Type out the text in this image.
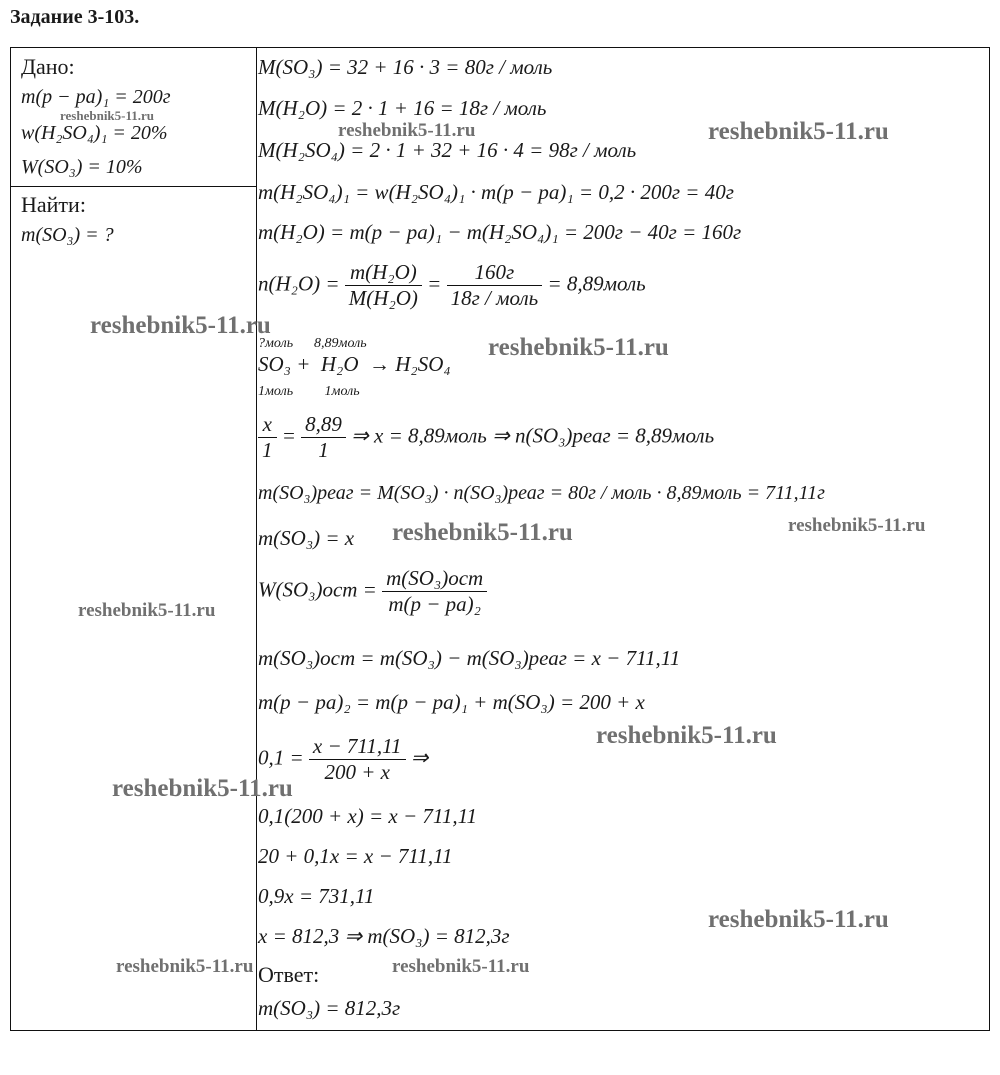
Задание 3-103.
Дано:
m(p − pa)₁ = 200г
w(H₂SO₄)₁ = 20%
W(SO₃) = 10%
Найти:
m(SO₃) = ?
M(SO₃) = 32 + 16 · 3 = 80г / моль
M(H₂O) = 2 · 1 + 16 = 18г / моль
M(H₂SO₄) = 2 · 1 + 32 + 16 · 4 = 98г / моль
m(H₂SO₄)₁ = w(H₂SO₄)₁ · m(p − pa)₁ = 0,2 · 200г = 40г
m(H₂O) = m(p − pa)₁ − m(H₂SO₄)₁ = 200г − 40г = 160г
$n(H_2O) = \frac{\text{m(H₂O)}}{\text{M(H₂O)}} = \frac{160г}{\text{18г / моль}}$ = 8,89моль
?моль      8,89моль
SO₃ +  H₂O  → H₂SO₄
1моль         1моль
$\frac{x}{1} = \frac{8,89}{1}$ ⇒ x = 8,89моль ⇒ n(SO₃)реаг = 8,89моль
m(SO₃)реаг = M(SO₃) · n(SO₃)реаг = 80г / моль · 8,89моль = 711,11г
m(SO₃) = x
$W(SO_3)ост = \frac{\text{m(SO₃)ост}}{\text{m(p − pa)₂}}$
m(SO₃)ост = m(SO₃) − m(SO₃)реаг = x − 711,11
m(p − pa)₂ = m(p − pa)₁ + m(SO₃) = 200 + x
$0,1 = \frac{x - 711,11}{200 + x}$ ⇒
0,1(200 + x) = x − 711,11
20 + 0,1x = x − 711,11
0,9x = 731,11
x = 812,3 ⇒ m(SO₃) = 812,3г
Ответ:
m(SO₃) = 812,3г
reshebnik5-11.ru
reshebnik5-11.ru	reshebnik5-11.ru
reshebnik5-11.ru
reshebnik5-11.ru
reshebnik5-11.ru
reshebnik5-11.ru
reshebnik5-11.ru
reshebnik5-11.ru
reshebnik5-11.ru
reshebnik5-11.ru
reshebnik5-11.ru	reshebnik5-11.ru
